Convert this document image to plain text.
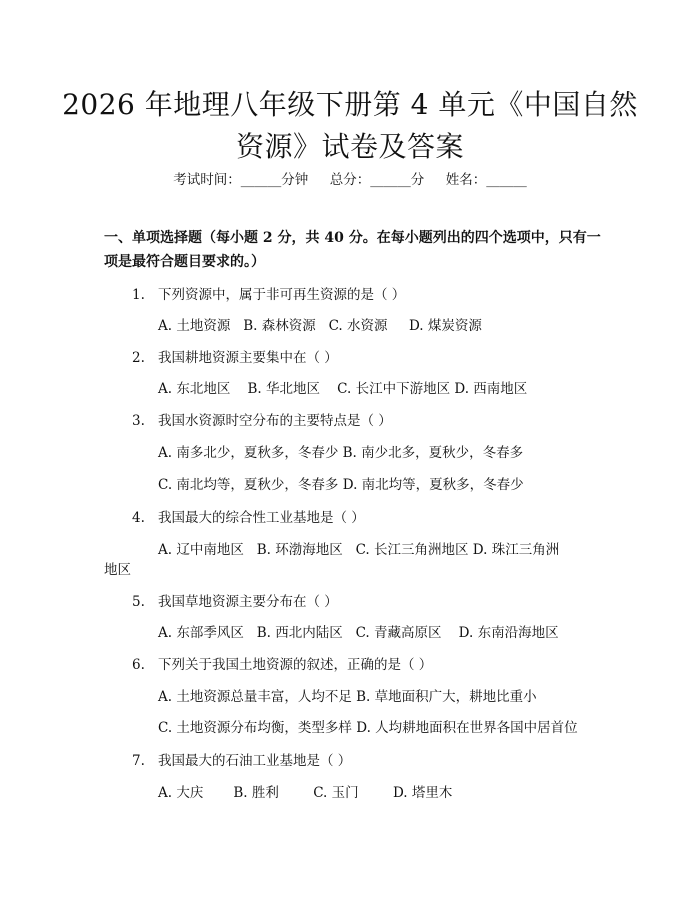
2026 年地理八年级下册第 4 单元《中国自然
资源》试卷及答案
考试时间：______分钟     总分：______分     姓名：______
一、单项选择题（每小题 2 分，共 40 分。在每小题列出的四个选项中，只有一项是最符合题目要求的。）
1. 下列资源中，属于非可再生资源的是（ ）
A. 土地资源   B. 森林资源   C. 水资源     D. 煤炭资源
2. 我国耕地资源主要集中在（ ）
A. 东北地区    B. 华北地区    C. 长江中下游地区 D. 西南地区
3. 我国水资源时空分布的主要特点是（ ）
A. 南多北少，夏秋多，冬春少 B. 南少北多，夏秋少，冬春多
C. 南北均等，夏秋少，冬春多 D. 南北均等，夏秋多，冬春少
4. 我国最大的综合性工业基地是（ ）
A. 辽中南地区   B. 环渤海地区   C. 长江三角洲地区 D. 珠江三角洲
地区
5. 我国草地资源主要分布在（ ）
A. 东部季风区   B. 西北内陆区   C. 青藏高原区    D. 东南沿海地区
6. 下列关于我国土地资源的叙述，正确的是（ ）
A. 土地资源总量丰富，人均不足 B. 草地面积广大，耕地比重小
C. 土地资源分布均衡，类型多样 D. 人均耕地面积在世界各国中居首位
7. 我国最大的石油工业基地是（ ）
A. 大庆       B. 胜利        C. 玉门        D. 塔里木
